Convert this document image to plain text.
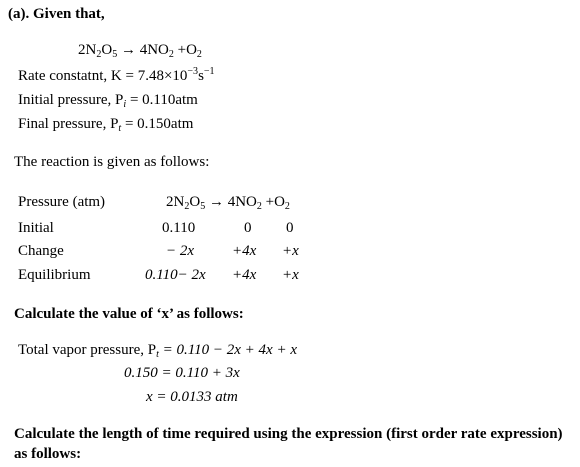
(a). Given that,
$2N_2O_5 \to 4NO_2 +O_2$
Rate constatnt, $K = 7.48\times 10^{-3}s^{-1}$
Initial pressure, $P_i = 0.110atm$
Final pressure, $P_t = 0.150atm$
The reaction is given as follows:
Pressure (atm)	$2N_2O_5 \to 4NO_2 +O_2$
Initial	0.110	0 0
Change	− 2x	+4x +x
Equilibrium	0.110− 2x +4x +x
Calculate the value of ‘x’ as follows:
Total vapor pressure, $P_t = 0.110 - 2x + 4x + x$
0.150 = 0.110 + 3x
x = 0.0133 atm
Calculate the length of time required using the expression (first order rate expression)
as follows:
